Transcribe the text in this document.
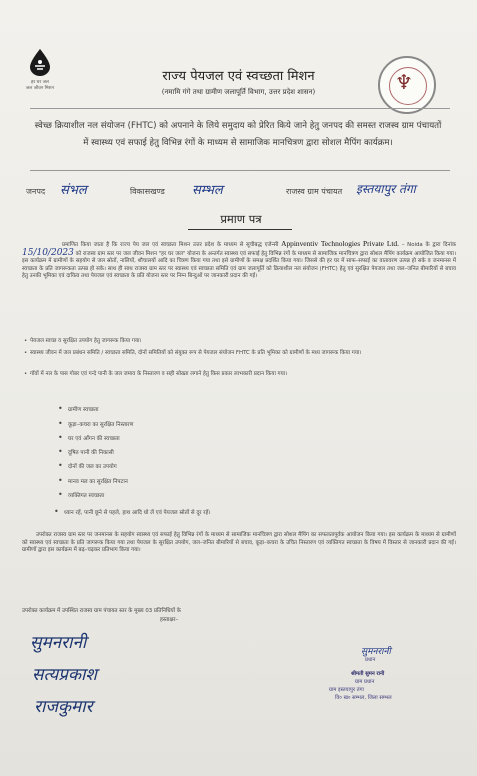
हर घर जल
जल जीवन मिशन	♆
राज्य पेयजल एवं स्वच्छता मिशन
(नमामि गंगे तथा ग्रामीण जलापूर्ति विभाग, उत्तर प्रदेश शासन)
स्वेच्छ क्रियाशील नल संयोजन (FHTC) को अपनाने के लिये समुदाय को प्रेरित किये जाने हेतु जनपद की समस्त राजस्व ग्राम पंचायतों में स्वास्थ्य एवं सफाई हेतु विभिन्न रंगों के माध्यम से सामाजिक मानचित्रण द्वारा सोशल मैपिंग कार्यक्रम।
जनपद संभल	विकासखण्ड सम्भल	राजस्व ग्राम पंचायत इस्तयापुर तंगा
प्रमाण पत्र
प्रमाणित किया जाता है कि राज्य पेय जल एवं स्वच्छता मिशन उत्तर प्रदेश के माध्यम से सूचीबद्ध एजेन्सी Appinventiv Technologies Private Ltd. – Noida के द्वारा दिनांक 15/10/2023 को राजस्व ग्राम स्तर पर जल जीवन मिशन "हर घर जल" योजना के अन्तर्गत स्वास्थ्य एवं सफाई हेतु विभिन्न रंगों के माध्यम से सामाजिक मानचित्रण द्वारा सोशल मैपिंग कार्यक्रम आयोजित किया गया। इस कार्यक्रम में ग्रामीणों के सहयोग से जल स्रोतों, नालियों, शौचालयों आदि का चित्रण किया गया तथा इसे ग्रामीणों के समक्ष प्रदर्शित किया गया। जिससे की हर घर में साफ–सफाई का वातावरण उत्पन्न हो सके व जनमानस में स्वच्छता के प्रति जागरूकता उत्पन्न हो सके। साथ ही साथ राजस्व ग्राम स्तर पर स्वास्थ्य एवं स्वच्छता समिति एवं ग्राम जलापूर्ति को क्रियाशील नल संयोजन (FHTC) हेतु एवं सुरक्षित पेयजल तथा जल–जनित बीमारियों से बचाव हेतु उनकी भूमिका एवं दायित्व तथा पेयजल एवं स्वच्छता के प्रति योजना स्तर पर निम्न बिन्दुओं पर जानकारी प्रदान की गई।
• पेयजल स्वच्छ व सुरक्षित उपयोग हेतु जागरूक किया गया।
• स्वास्थ्य जीवन में जल प्रबंधन समिति / स्वच्छता समिति, दोनों समितियों को संयुक्त रूप से पेयजल संयोजन FHTC के प्रति भूमिका को ग्रामीणों के मध्य जागरूक किया गया।
• गाँवों में नल के पास गोबर एवं गन्दे पानी के जल जमाव के निस्तारण व सही सोख्ता लगाने हेतु किस प्रकार लाभकारी प्रदान किया गया।
• ग्रामीण स्वच्छता
• कूड़ा–कचरा का सुरक्षित निस्तारण
• घर एवं आँगन की स्वच्छता
• दूषित पानी की निकासी
• दोनों की जल का उपयोग
• मानव मल का सुरक्षित निपटान
• व्यक्तिगत स्वच्छता
• ध्यान रहें, पानी छूने से पहले, हाथ आदि धो लें एवं पेयजल स्रोतों से दूर रहें।
उपरोक्त राजस्व ग्राम स्तर पर जनमानस के सहयोग स्वास्थ्य एवं सफाई हेतु विभिन्न रंगों के माध्यम से सामाजिक मानचित्रण द्वारा सोशल मैपिंग का सफलतापूर्वक आयोजन किया गया। इस कार्यक्रम के माध्यम से ग्रामीणों को स्वास्थ्य एवं स्वच्छता के प्रति जागरूक किया गया तथा पेयजल के सुरक्षित उपयोग, जल–जनित बीमारियों से बचाव, कूड़ा–कचरा के उचित निस्तारण एवं व्यक्तिगत स्वच्छता के विषय में विस्तार से जानकारी प्रदान की गई। ग्रामीणों द्वारा इस कार्यक्रम में बढ़–चढ़कर प्रतिभाग किया गया।
उपरोक्त कार्यक्रम में उपस्थित राजस्व ग्राम पंचायत स्तर के मुख्य 03 प्रतिनिधियों के
हस्ताक्षर–
सुमनरानी
सत्यप्रकाश
राजकुमार
सुमनरानी
प्रधान
श्रीमती सुमन रानी
ग्राम प्रधान
ग्राम इस्तयापुर तंगा
वि० ख० सम्भल, जिला सम्भल
